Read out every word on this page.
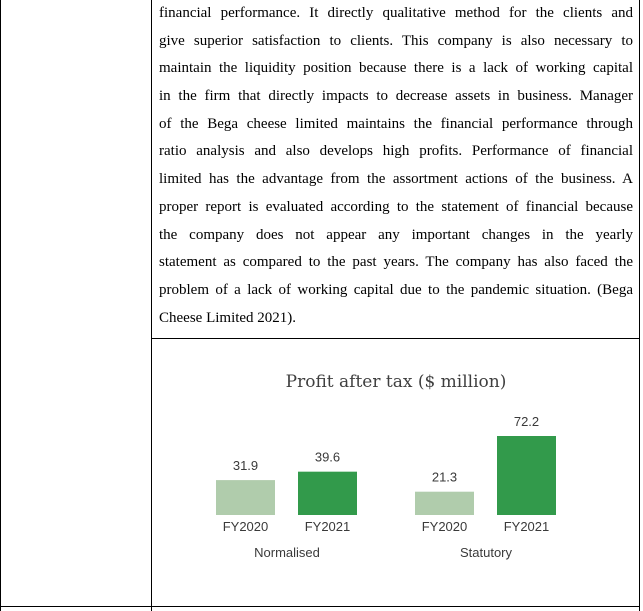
financial performance. It directly qualitative method for the clients and
give superior satisfaction to clients. This company is also necessary to
maintain the liquidity position because there is a lack of working capital
in the firm that directly impacts to decrease assets in business. Manager
of the Bega cheese limited maintains the financial performance through
ratio analysis and also develops high profits. Performance of financial
limited has the advantage from the assortment actions of the business. A
proper report is evaluated according to the statement of financial because
the company does not appear any important changes in the yearly
statement as compared to the past years. The company has also faced the
problem of a lack of working capital due to the pandemic situation. (Bega
Cheese Limited 2021).

Profit after tax ($ million)
31.9
FY2020
39.6
FY2021
Normalised
21.3
FY2020
72.2
FY2021
Statutory
